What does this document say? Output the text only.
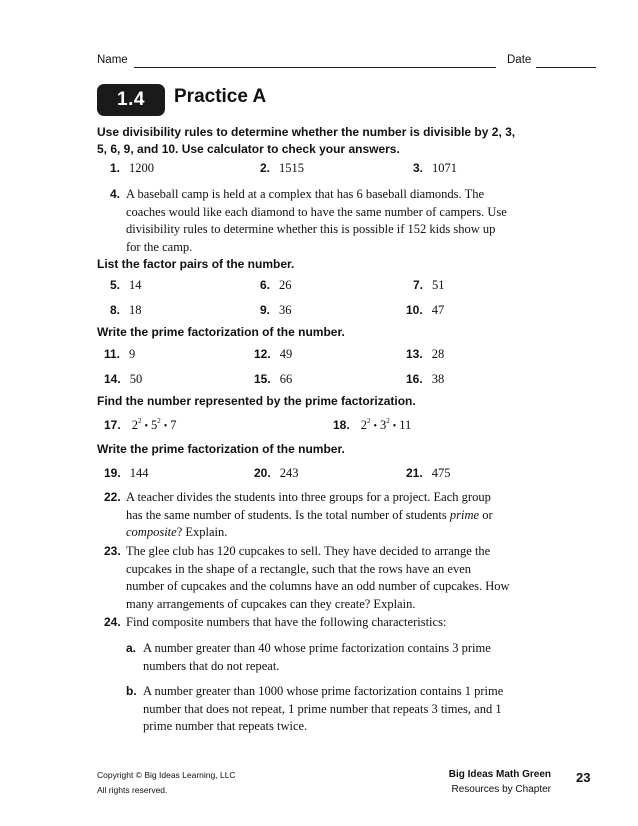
Name	Date
1.4	Practice A
Use divisibility rules to determine whether the number is divisible by 2, 3, 5, 6, 9, and 10. Use calculator to check your answers.
1. 1200	2. 1515	3. 1071
4. A baseball camp is held at a complex that has 6 baseball diamonds. The coaches would like each diamond to have the same number of campers. Use divisibility rules to determine whether this is possible if 152 kids show up for the camp.
List the factor pairs of the number.
5. 14	6. 26	7. 51
8. 18	9. 36	10. 47
Write the prime factorization of the number.
11. 9	12. 49	13. 28
14. 50	15. 66	16. 38
Find the number represented by the prime factorization.
17. $2^2$ • $5^2$ • 7	18. $2^2$ • $3^2$ • 11
Write the prime factorization of the number.
19. 144	20. 243	21. 475
22. A teacher divides the students into three groups for a project. Each group has the same number of students. Is the total number of students prime or composite? Explain.
23. The glee club has 120 cupcakes to sell. They have decided to arrange the cupcakes in the shape of a rectangle, such that the rows have an even number of cupcakes and the columns have an odd number of cupcakes. How many arrangements of cupcakes can they create? Explain.
24. Find composite numbers that have the following characteristics:
a. A number greater than 40 whose prime factorization contains 3 prime numbers that do not repeat.
b. A number greater than 1000 whose prime factorization contains 1 prime number that does not repeat, 1 prime number that repeats 3 times, and 1 prime number that repeats twice.
Copyright © Big Ideas Learning, LLC
All rights reserved.
Big Ideas Math Green
Resources by Chapter
23
